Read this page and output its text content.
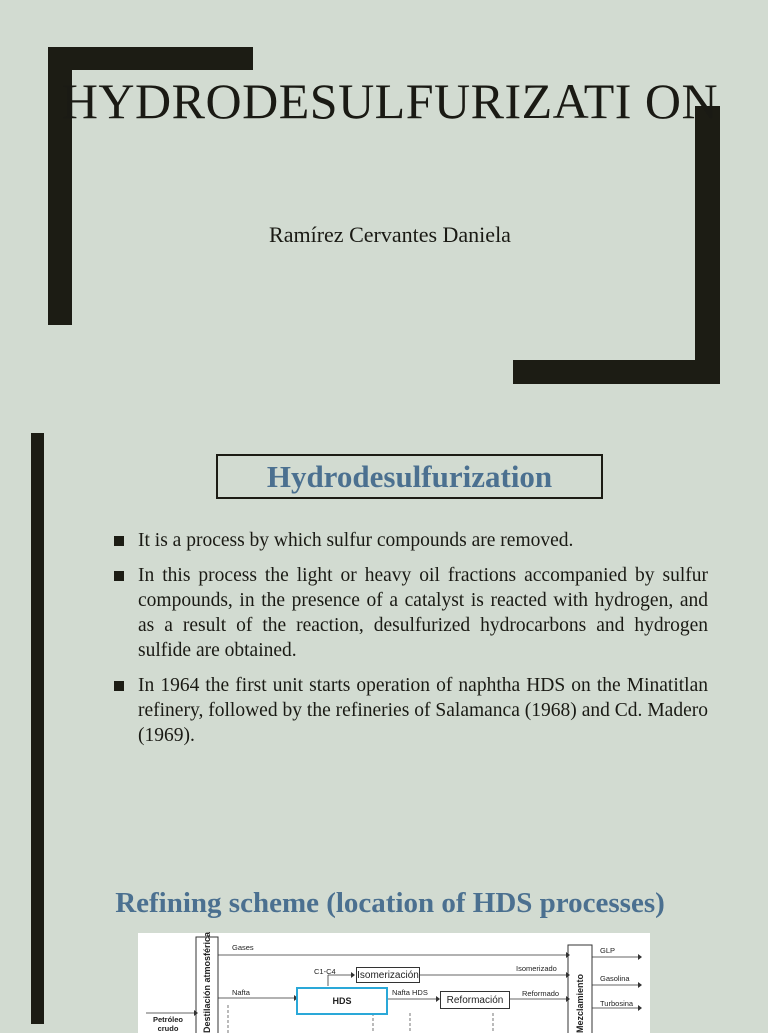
HYDRODESULFURIZATI ON

Ramírez Cervantes Daniela

Hydrodesulfurization
It is a process by which sulfur compounds are removed.
In this process the light or heavy oil fractions accompanied by sulfur compounds, in the presence of a catalyst is reacted with hydrogen, and as a result of the reaction, desulfurized hydrocarbons and hydrogen sulfide are obtained.
In 1964 the first unit starts operation of naphtha HDS on the Minatitlan refinery, followed by the refineries of Salamanca (1968) and Cd. Madero (1969).
Refining scheme (location of HDS processes)
Destilación atmosférica	Mezclamiento
Gases
C1-C4 Isomerización
Isomerizado
Nafta
HDS
Nafta HDS
Reformación
Reformado
Petróleo crudo
GLP
Gasolina
Turbosina
